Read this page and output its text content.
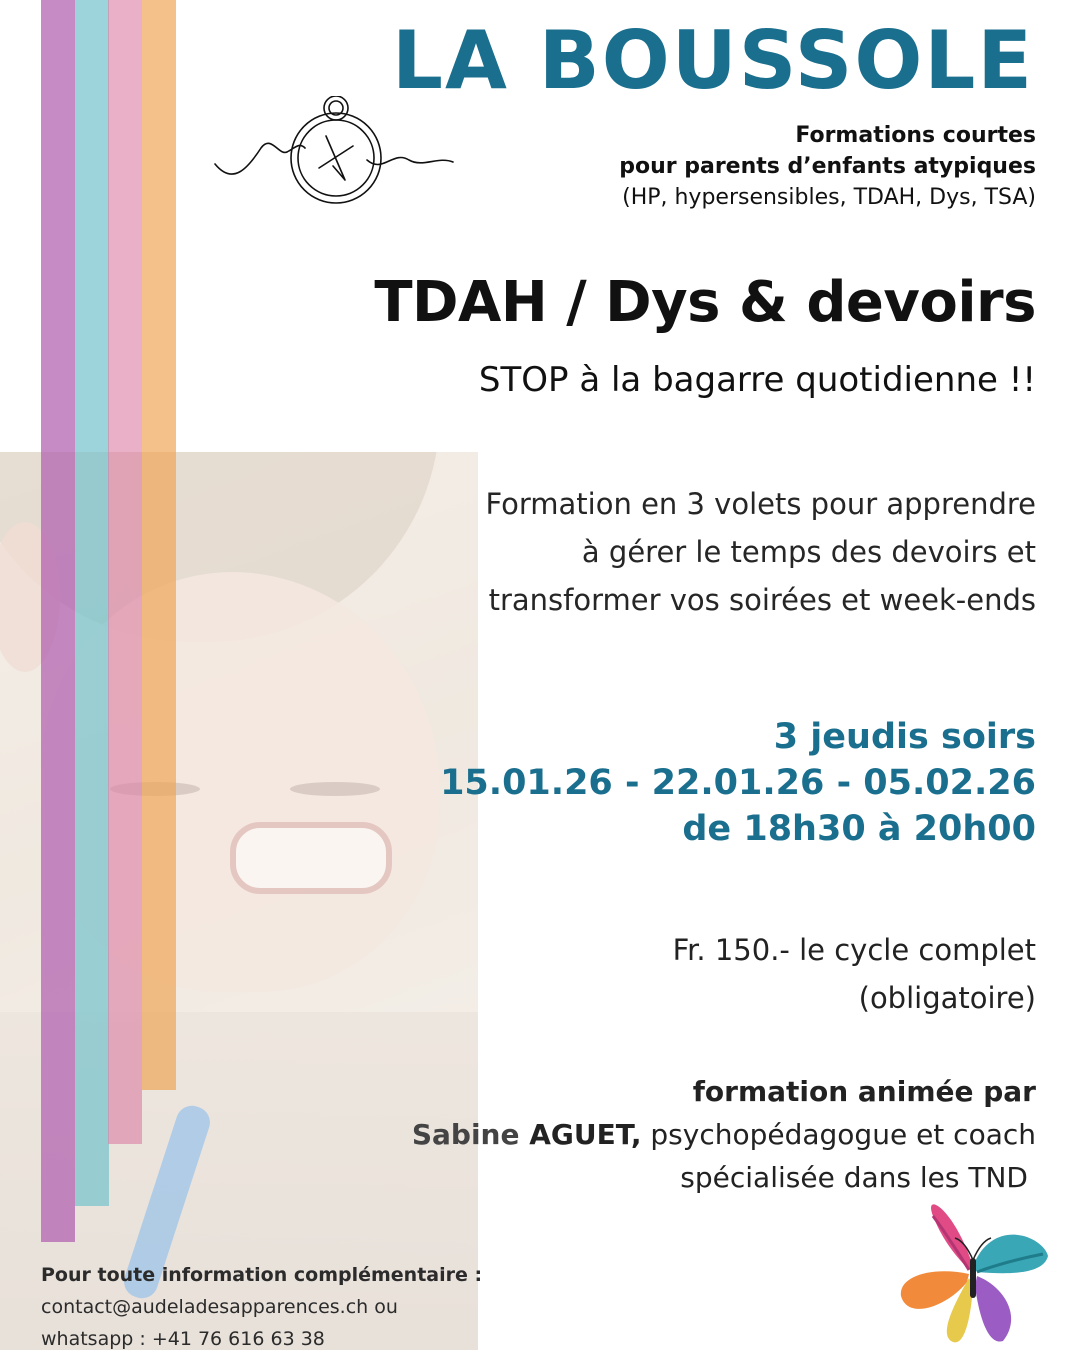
LA BOUSSOLE
Formations courtes
pour parents d’enfants atypiques
(HP, hypersensibles, TDAH, Dys, TSA)
TDAH / Dys & devoirs
STOP à la bagarre quotidienne !!
Formation en 3 volets pour apprendre
à gérer le temps des devoirs et
transformer vos soirées et week-ends
3 jeudis soirs
15.01.26 - 22.01.26 - 05.02.26
de 18h30 à 20h00
Fr. 150.- le cycle complet
(obligatoire)
formation animée par
Sabine AGUET, psychopédagogue et coach
spécialisée dans les TND
Pour toute information complémentaire :
contact@audeladesapparences.ch ou
whatsapp : +41 76 616 63 38
